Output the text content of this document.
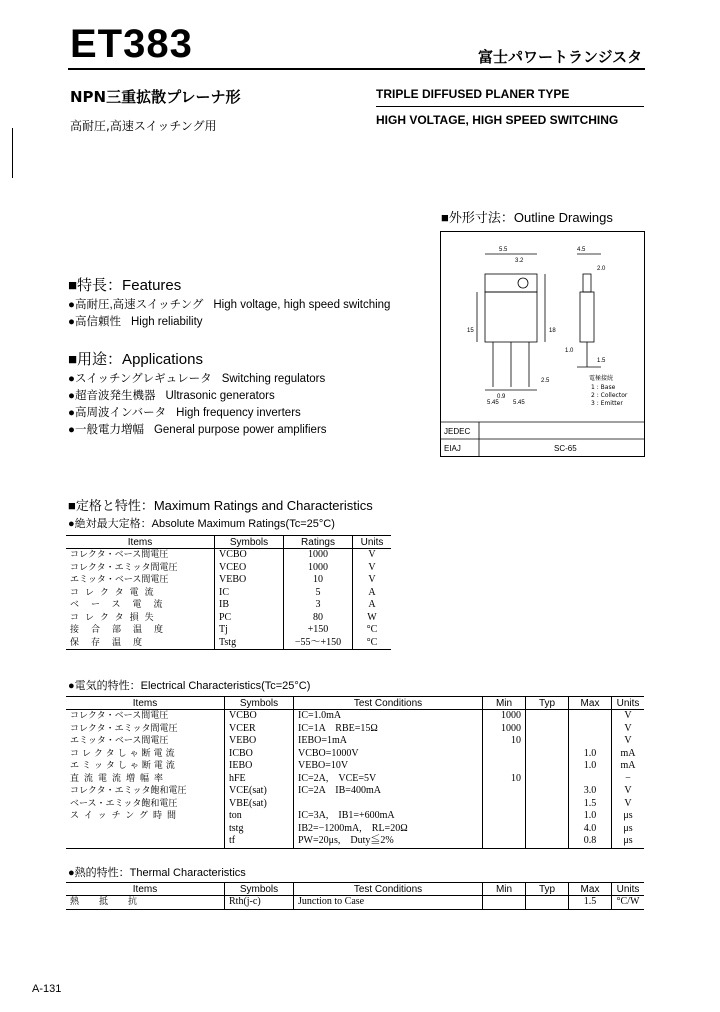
ET383	富士パワートランジスタ
NPN三重拡散プレーナ形
高耐圧,高速スイッチング用
TRIPLE DIFFUSED PLANER TYPE
HIGH VOLTAGE, HIGH SPEED SWITCHING
■外形寸法：Outline Drawings
5.5	4.5
2.0
1.5
15	18
0.9
3.2
1.0
5.45 5.45
2.5	電極接続
1 : Base
2 : Collector
3 : Emitter
JEDEC
EIAJ	SC-65
■特長：Features
●高耐圧,高速スイッチング High voltage, high speed switching
●高信頼性 High reliability
■用途：Applications
●スイッチングレギュレータ Switching regulators
●超音波発生機器 Ultrasonic generators
●高周波インバータ High frequency inverters
●一般電力増幅 General purpose power amplifiers
■定格と特性：Maximum Ratings and Characteristics
●絶対最大定格：Absolute Maximum Ratings(Tc=25°C)
Items	Symbols	Ratings	Units
コレクタ・ベース間電圧	VCBO	1000	V
コレクタ・エミッタ間電圧	VCEO	1000	V
エミッタ・ベース間電圧	VEBO	10	V
コレクタ電流	IC	5	A
ベース電流	IB	3	A
コレクタ損失	PC	80	W
接合部温度	Tj	+150	°C
保存温度	Tstg	−55～+150	°C
●電気的特性：Electrical Characteristics(Tc=25°C)
Items	Symbols	Test Conditions	Min	Typ	Max	Units
コレクタ・ベース間電圧	VCBO	IC=1.0mA	1000			V
コレクタ・エミッタ間電圧	VCER	IC=1A　RBE=15Ω	1000			V
エミッタ・ベース間電圧	VEBO	IEBO=1mA	10			V
コレクタしゃ断電流	ICBO	VCBO=1000V			1.0	mA
エミッタしゃ断電流	IEBO	VEBO=10V			1.0	mA
直流電流増幅率	hFE	IC=2A,　VCE=5V	10			−
コレクタ・エミッタ飽和電圧	VCE(sat)	IC=2A　IB=400mA			3.0	V
ベース・エミッタ飽和電圧	VBE(sat)				1.5	V
スイッチング時間	ton	IC=3A,　IB1=+600mA			1.0	μs
	tstg	IB2=−1200mA,　RL=20Ω			4.0	μs
	tf	PW=20μs,　Duty≦2%			0.8	μs
●熱的特性：Thermal Characteristics
Items	Symbols	Test Conditions	Min	Typ	Max	Units
熱抵抗	Rth(j-c)	Junction to Case			1.5	°C/W
A-131
